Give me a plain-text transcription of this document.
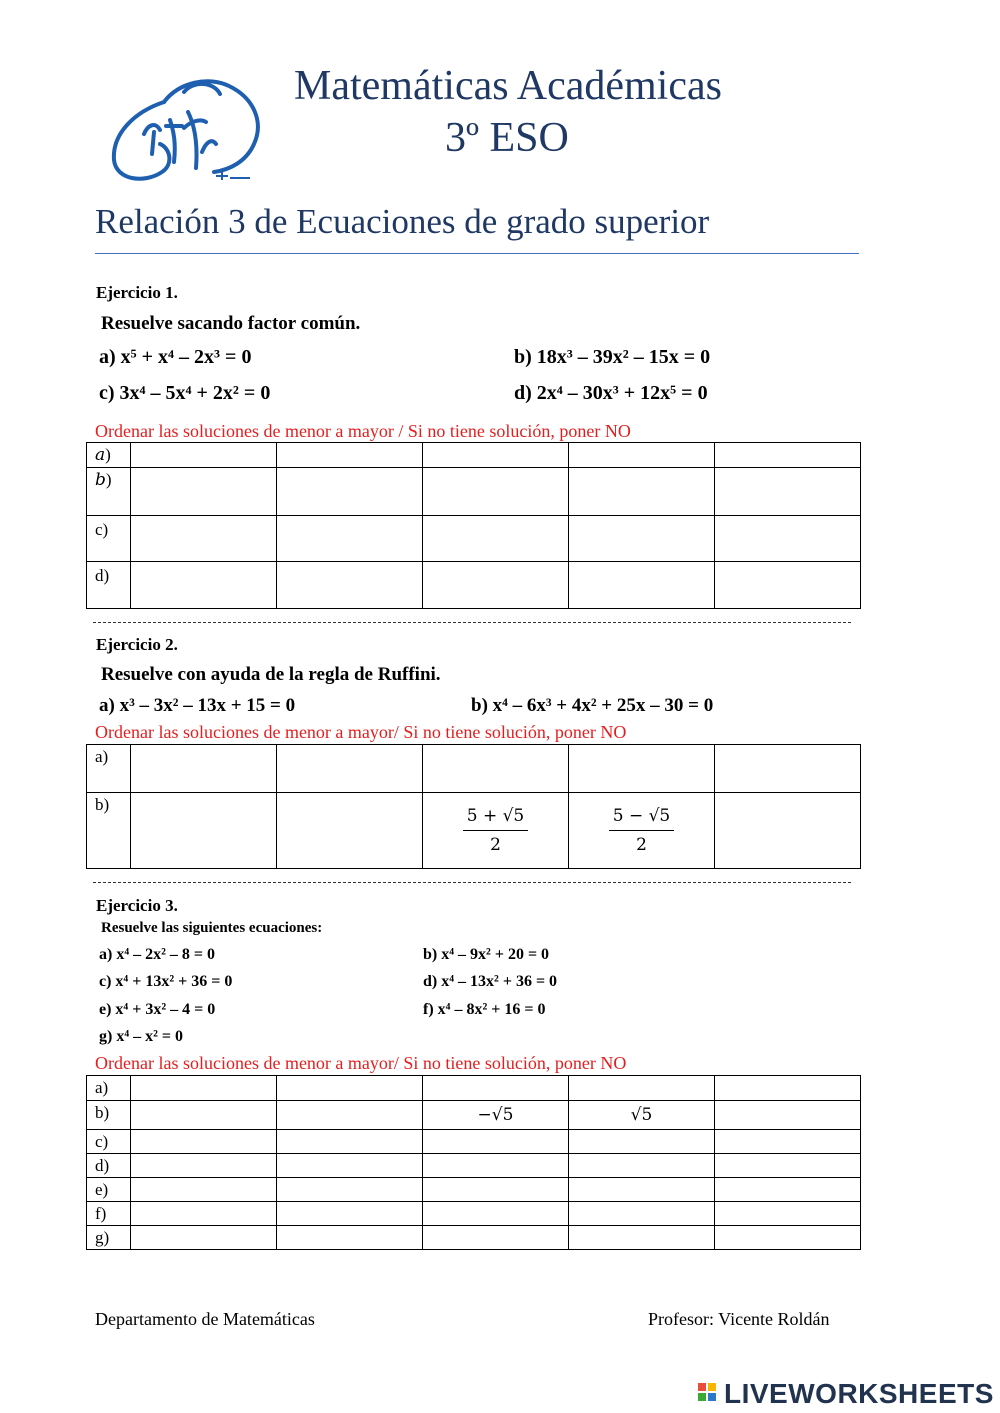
Matemáticas Académicas
3º ESO
Relación 3 de Ecuaciones de grado superior
Ejercicio 1.
Resuelve sacando factor común.
a) x⁵ + x⁴ – 2x³ = 0	b) 18x³ – 39x² – 15x = 0
c) 3x⁴ – 5x⁴ + 2x² = 0	d) 2x⁴ – 30x³ + 12x⁵ = 0
Ordenar las soluciones de menor a mayor / Si no tiene solución, poner NO
𝑎)					
𝑏)					
c)					
d)					
Ejercicio 2.
Resuelve con ayuda de la regla de Ruffini.
a) x³ – 3x² – 13x + 15 = 0	b) x⁴ – 6x³ + 4x² + 25x – 30 = 0
Ordenar las soluciones de menor a mayor/ Si no tiene solución, poner NO
a)					
b)			$\frac{5 + √5}{2}$	$\frac{5 - √5}{2}$

Ejercicio 3.
Resuelve las siguientes ecuaciones:
a) x⁴ – 2x² – 8 = 0	b) x⁴ – 9x² + 20 = 0
c) x⁴ + 13x² + 36 = 0	d) x⁴ – 13x² + 36 = 0
e) x⁴ + 3x² – 4 = 0	f) x⁴ – 8x² + 16 = 0
g) x⁴ – x² = 0
Ordenar las soluciones de menor a mayor/ Si no tiene solución, poner NO
a)					
b)			−√5	√5	
c)					
d)					
e)					
f)					
g)					
Departamento de Matemáticas	Profesor: Vicente Roldán
LIVEWORKSHEETS
